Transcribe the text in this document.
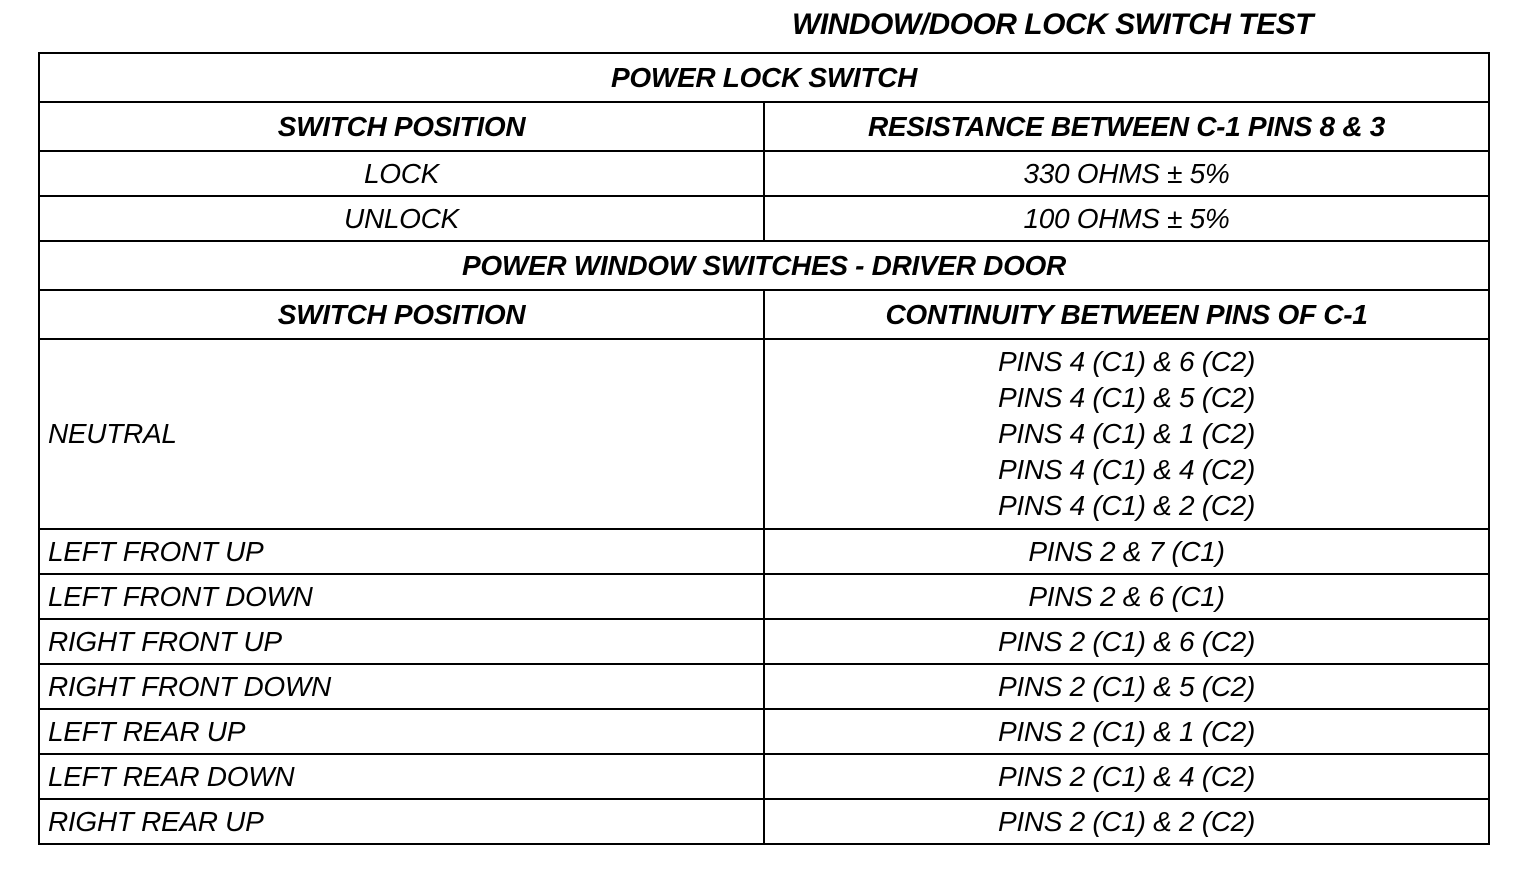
WINDOW/DOOR LOCK SWITCH TEST
POWER LOCK SWITCH	
SWITCH POSITION	RESISTANCE BETWEEN C-1 PINS 8 & 3
LOCK	330 OHMS ± 5%
UNLOCK	100 OHMS ± 5%
POWER WINDOW SWITCHES - DRIVER DOOR	
SWITCH POSITION	CONTINUITY BETWEEN PINS OF C-1
NEUTRAL	PINS 4 (C1) & 6 (C2)
PINS 4 (C1) & 5 (C2)
PINS 4 (C1) & 1 (C2)
PINS 4 (C1) & 4 (C2)
PINS 4 (C1) & 2 (C2)

LEFT FRONT UP	PINS 2 & 7 (C1)
LEFT FRONT DOWN	PINS 2 & 6 (C1)
RIGHT FRONT UP	PINS 2 (C1) & 6 (C2)
RIGHT FRONT DOWN	PINS 2 (C1) & 5 (C2)
LEFT REAR UP	PINS 2 (C1) & 1 (C2)
LEFT REAR DOWN	PINS 2 (C1) & 4 (C2)
RIGHT REAR UP	PINS 2 (C1) & 2 (C2)
